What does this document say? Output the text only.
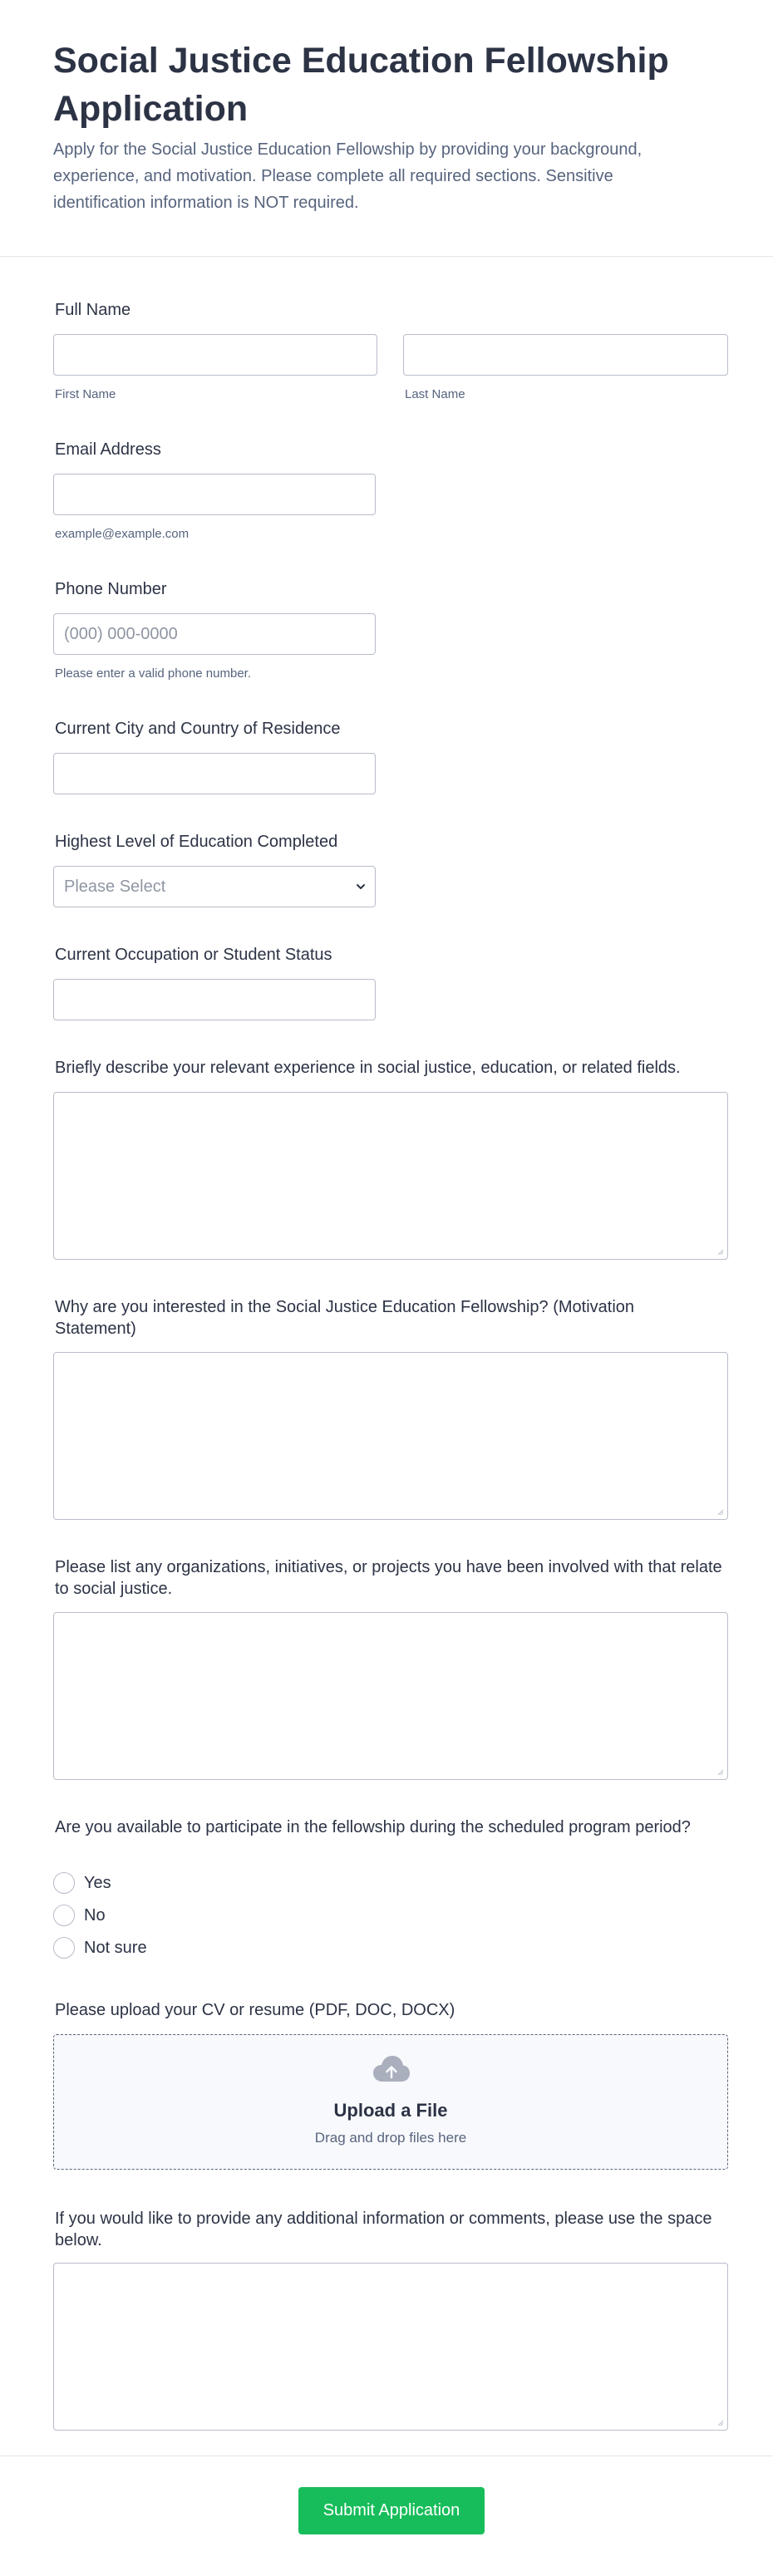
Social Justice Education Fellowship Application
Apply for the Social Justice Education Fellowship by providing your background, experience, and motivation. Please complete all required sections. Sensitive identification information is NOT required.
Full Name
First Name	Last Name
Email Address
example@example.com
Phone Number
(000) 000-0000
Please enter a valid phone number.
Current City and Country of Residence
Highest Level of Education Completed
Please Select
Current Occupation or Student Status
Briefly describe your relevant experience in social justice, education, or related fields.
Why are you interested in the Social Justice Education Fellowship? (Motivation Statement)
Please list any organizations, initiatives, or projects you have been involved with that relate to social justice.
Are you available to participate in the fellowship during the scheduled program period?
Yes
No
Not sure
Please upload your CV or resume (PDF, DOC, DOCX)
Upload a File
Drag and drop files here
If you would like to provide any additional information or comments, please use the space below.
Submit Application
